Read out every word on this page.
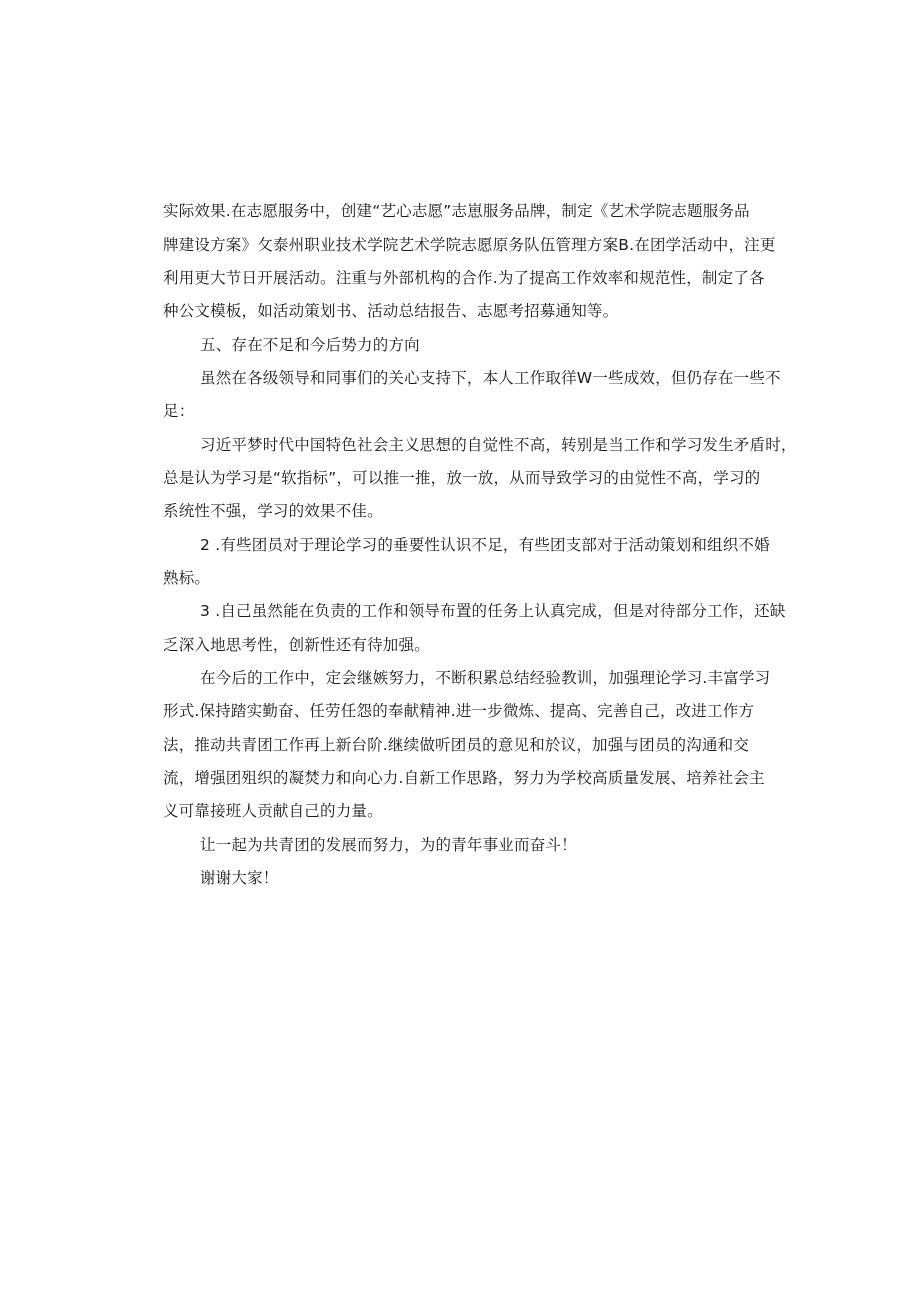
实际效果.在志愿服务中，创建“艺心志愿”志崽服务品牌，制定《艺术学院志题服务品
牌建设方案》攵泰州职业技术学院艺术学院志愿原务队伍管理方案B.在团学活动中，注更
利用更大节日开展活动。注重与外部机构的合作.为了提高工作效率和规范性，制定了各
种公文模板，如活动策划书、活动总结报告、志愿考招募通知等。
五、存在不足和今后势力的方向
虽然在各级领导和同事们的关心支持下，本人工作取徉W一些成效，但仍存在一些不
足：
习近平梦时代中国特色社会主义思想的自觉性不高，转别是当工作和学习发生矛盾时，
总是认为学习是“软指标”，可以推一推，放一放，从而导致学习的由觉性不高，学习的
系统性不强，学习的效果不佳。
2 .有些团员对于理论学习的垂要性认识不足，有些团支部对于活动策划和组织不婚
熟标。
3 .自己虽然能在负责的工作和领导布置的任务上认真完成，但是对待部分工作，还缺
乏深入地思考性，创新性还有待加强。
在今后的工作中，定会继嫉努力，不断积累总结经验教训，加强理论学习.丰富学习
形式.保持踏实勤奋、任劳任怨的奉献精神.进一步微炼、提高、完善自己，改进工作方
法，推动共青团工作再上新台阶.继续做听团员的意见和於议，加强与团员的沟通和交
流，增强团殂织的凝焚力和向心力.自新工作思路，努力为学校高质量发展、培养社会主
义可靠接班人贡献自己的力量。
让一起为共青团的发展而努力，为的青年事业而奋斗！
谢谢大家！
